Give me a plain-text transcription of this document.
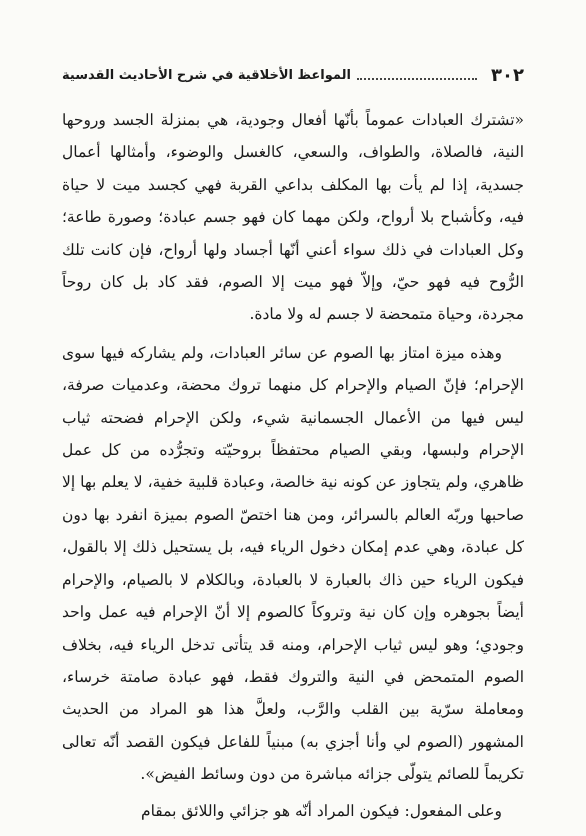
٣٠٢
المواعظ الأخلاقية في شرح الأحاديث القدسية

«تشترك العبادات عموماً بأنّها أفعال وجودية، هي بمنزلة الجسد وروحها النية، فالصلاة، والطواف، والسعي، كالغسل والوضوء، وأمثالها أعمال جسدية، إذا لم يأت بها المكلف بداعي القربة فهي كجسد ميت لا حياة فيه، وكأشباح بلا أرواح، ولكن مهما كان فهو جسم عبادة؛ وصورة طاعة؛ وكل العبادات في ذلك سواء أعني أنّها أجساد ولها أرواح، فإن كانت تلك الرُّوح فيه فهو حيّ، وإلاّ فهو ميت إلا الصوم، فقد كاد بل كان روحاً مجردة، وحياة متمحضة لا جسم له ولا مادة.

وهذه ميزة امتاز بها الصوم عن سائر العبادات، ولم يشاركه فيها سوى الإحرام؛ فإنّ الصيام والإحرام كل منهما تروك محضة، وعدميات صرفة، ليس فيها من الأعمال الجسمانية شيء، ولكن الإحرام فضحته ثياب الإحرام ولبسها، وبقي الصيام محتفظاً بروحيّته وتجرُّده من كل عمل ظاهري، ولم يتجاوز عن كونه نية خالصة، وعبادة قلبية خفية، لا يعلم بها إلا صاحبها وربّه العالم بالسرائر، ومن هنا اختصّ الصوم بميزة انفرد بها دون كل عبادة، وهي عدم إمكان دخول الرياء فيه، بل يستحيل ذلك إلا بالقول، فيكون الرياء حين ذاك بالعبارة لا بالعبادة، وبالكلام لا بالصيام، والإحرام أيضاً بجوهره وإن كان نية وتروكاً كالصوم إلا أنّ الإحرام فيه عمل واحد وجودي؛ وهو ليس ثياب الإحرام، ومنه قد يتأتى تدخل الرياء فيه، بخلاف الصوم المتمحض في النية والتروك فقط، فهو عبادة صامتة خرساء، ومعاملة سرّية بين القلب والرَّب، ولعلَّ هذا هو المراد من الحديث المشهور (الصوم لي وأنا أجزي به) مبنياً للفاعل فيكون القصد أنّه تعالى تكريماً للصائم يتولّى جزائه مباشرة من دون وسائط الفيض».

وعلى المفعول: فيكون المراد أنّه هو جزائي واللائق بمقام
